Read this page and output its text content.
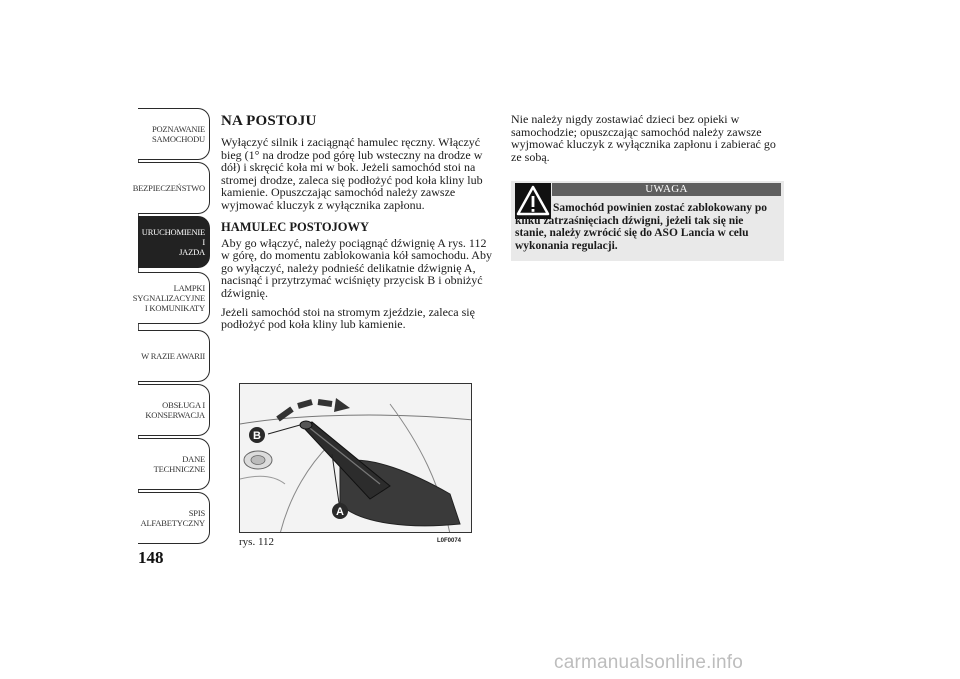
POZNAWANIE
SAMOCHODU
BEZPIECZEŃSTWO
URUCHOMIENIE I
JAZDA
LAMPKI
SYGNALIZACYJNE
I KOMUNIKATY
W RAZIE AWARII
OBSŁUGA I
KONSERWACJA
DANE
TECHNICZNE
SPIS
ALFABETYCZNY
148
NA POSTOJU

Wyłączyć silnik i zaciągnąć hamulec ręczny. Włączyć bieg (1° na drodze pod górę lub wsteczny na drodze w dół) i skręcić koła mi w bok. Jeżeli samochód stoi na stromej drodze, zaleca się podłożyć pod koła kliny lub kamienie. Opuszczając samochód należy zawsze wyjmować kluczyk z wyłącznika zapłonu.

HAMULEC POSTOJOWY

Aby go włączyć, należy pociągnąć dźwignię A rys. 112 w górę, do momentu zablokowania kół samochodu. Aby go wyłączyć, należy podnieść delikatnie dźwignię A, nacisnąć i przytrzymać wciśnięty przycisk B i obniżyć dźwignię.

Jeżeli samochód stoi na stromym zjeździe, zaleca się podłożyć pod koła kliny lub kamienie.

Nie należy nigdy zostawiać dzieci bez opieki w samochodzie; opuszczając samochód należy zawsze wyjmować kluczyk z wyłącznika zapłonu i zabierać go ze sobą.

UWAGA
Samochód powinien zostać zablokowany po kilku zatrzaśnięciach dźwigni, jeżeli tak się nie stanie, należy zwrócić się do ASO Lancia w celu wykonania regulacji.
B
A
rys. 112	L0F0074
carmanualsonline.info
